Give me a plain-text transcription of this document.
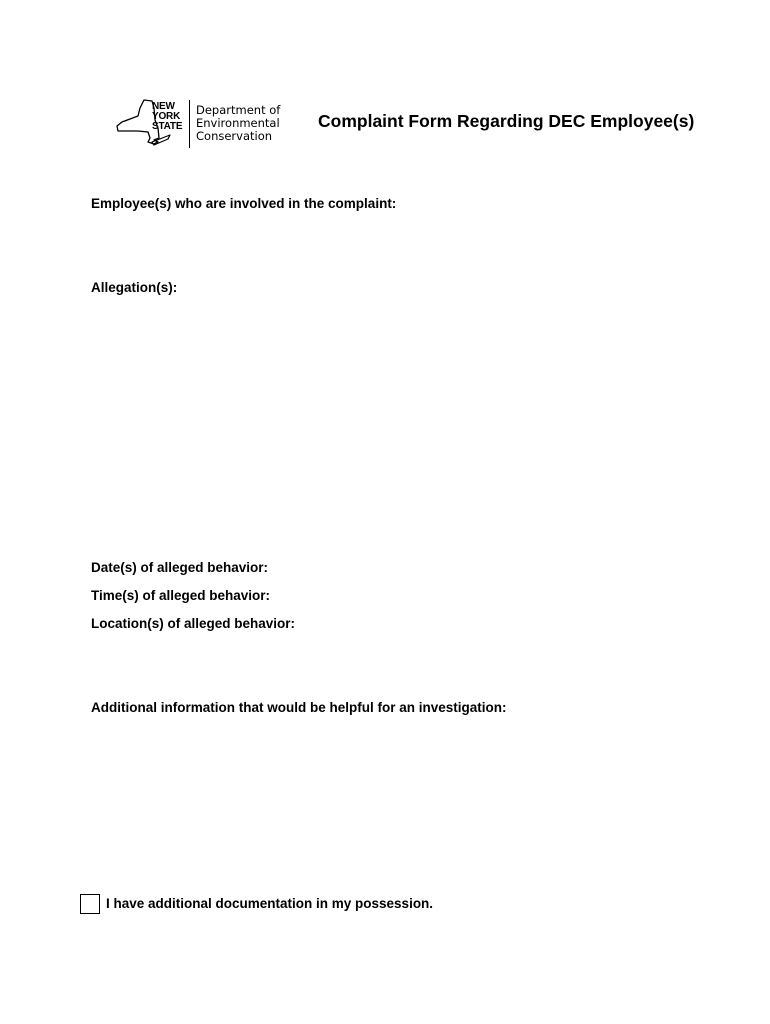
NEW
YORK
STATE
Department of
Environmental
Conservation
Complaint Form Regarding DEC Employee(s)
Employee(s) who are involved in the complaint:
Allegation(s):
Date(s) of alleged behavior:
Time(s) of alleged behavior:
Location(s) of alleged behavior:
Additional information that would be helpful for an investigation:
I have additional documentation in my possession.
